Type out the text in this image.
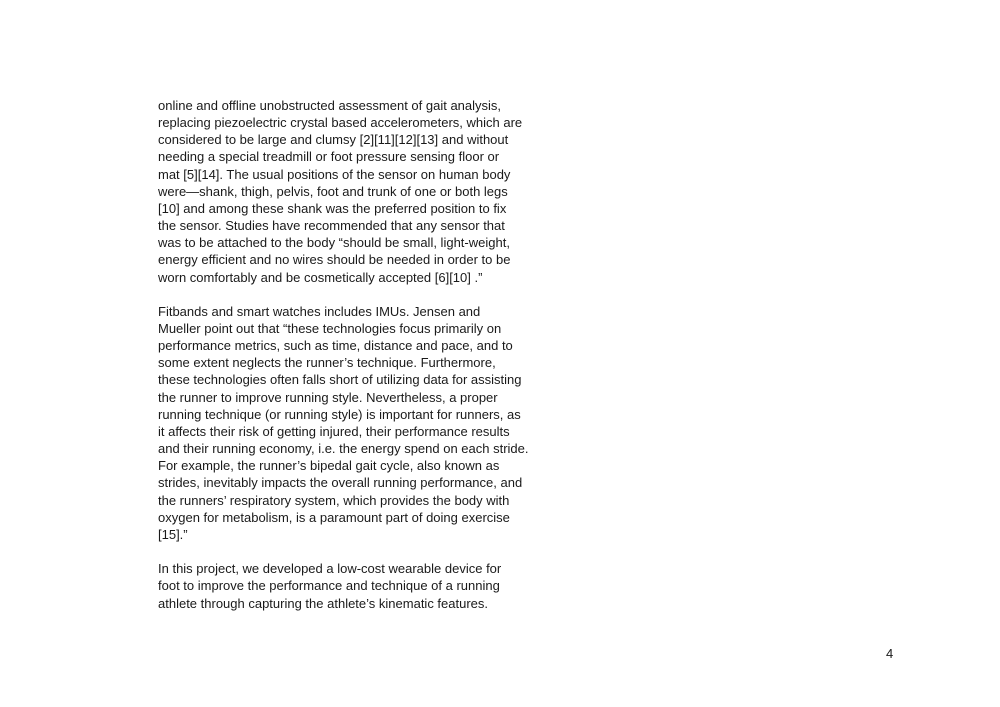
online and offline unobstructed assessment of gait analysis,
replacing piezoelectric crystal based accelerometers, which are
considered to be large and clumsy [2][11][12][13] and without
needing a special treadmill or foot pressure sensing floor or
mat [5][14]. The usual positions of the sensor on human body
were—shank, thigh, pelvis, foot and trunk of one or both legs
[10] and among these shank was the preferred position to fix
the sensor. Studies have recommended that any sensor that
was to be attached to the body “should be small, light-weight,
energy efficient and no wires should be needed in order to be
worn comfortably and be cosmetically accepted [6][10] .”

Fitbands and smart watches includes IMUs. Jensen and
Mueller point out that “these technologies focus primarily on
performance metrics, such as time, distance and pace, and to
some extent neglects the runner’s technique. Furthermore,
these technologies often falls short of utilizing data for assisting
the runner to improve running style. Nevertheless, a proper
running technique (or running style) is important for runners, as
it affects their risk of getting injured, their performance results
and their running economy, i.e. the energy spend on each stride.
For example, the runner’s bipedal gait cycle, also known as
strides, inevitably impacts the overall running performance, and
the runners’ respiratory system, which provides the body with
oxygen for metabolism, is a paramount part of doing exercise
[15].”

In this project, we developed a low-cost wearable device for
foot to improve the performance and technique of a running
athlete through capturing the athlete’s kinematic features.

4
